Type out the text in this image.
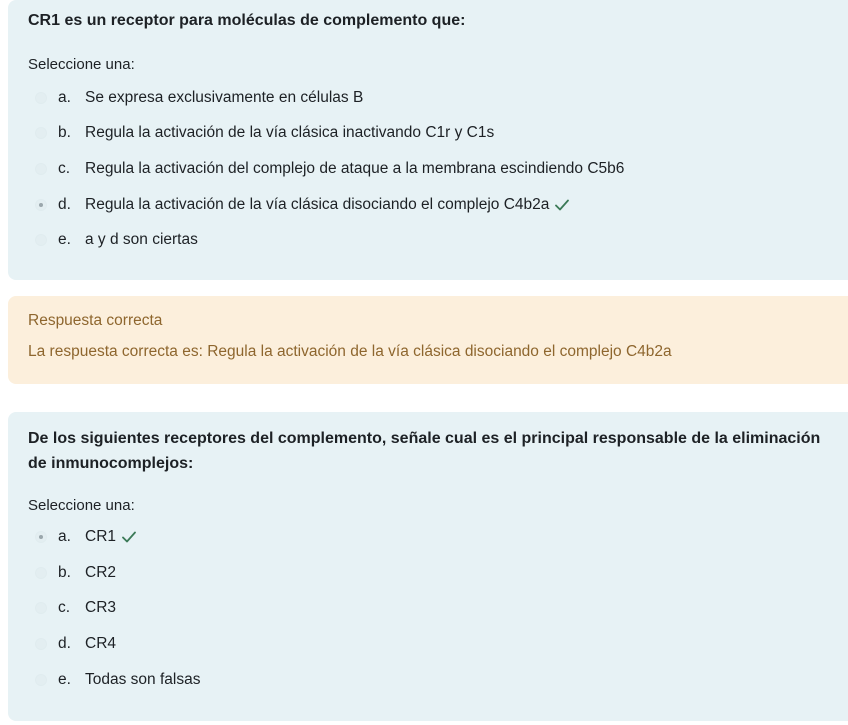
CR1 es un receptor para moléculas de complemento que:
Seleccione una:
a. Se expresa exclusivamente en células B
b. Regula la activación de la vía clásica inactivando C1r y C1s
c. Regula la activación del complejo de ataque a la membrana escindiendo C5b6
d. Regula la activación de la vía clásica disociando el complejo C4b2a
e. a y d son ciertas
Respuesta correcta
La respuesta correcta es: Regula la activación de la vía clásica disociando el complejo C4b2a
De los siguientes receptores del complemento, señale cual es el principal responsable de la eliminación de inmunocomplejos:
Seleccione una:
a. CR1
b. CR2
c. CR3
d. CR4
e. Todas son falsas
